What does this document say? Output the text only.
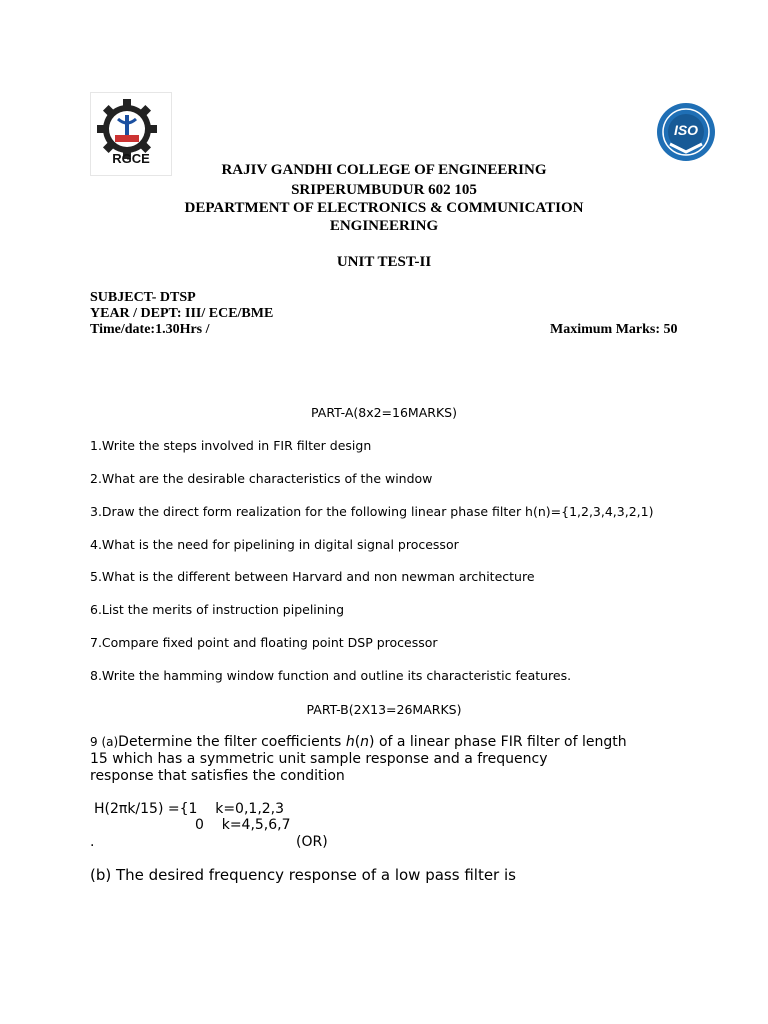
RGCE
ISO
RAJIV GANDHI COLLEGE OF ENGINEERING
SRIPERUMBUDUR 602 105
DEPARTMENT OF ELECTRONICS & COMMUNICATION
ENGINEERING
UNIT TEST-II
SUBJECT- DTSP
YEAR / DEPT: III/ ECE/BME
Time/date:1.30Hrs /	Maximum Marks: 50
PART-A(8x2=16MARKS)
1.Write the steps involved in FIR filter design
2.What are the desirable characteristics of the window
3.Draw the direct form realization for the following linear phase filter h(n)={1,2,3,4,3,2,1)
4.What is the need for pipelining in digital signal processor
5.What is the different between Harvard and non newman architecture
6.List the merits of instruction pipelining
7.Compare fixed point and floating point DSP processor
8.Write the hamming window function and outline its characteristic features.
PART-B(2X13=26MARKS)
9 (a)Determine the filter coefficients h(n) of a linear phase FIR filter of length
15 which has a symmetric unit sample response and a frequency
response that satisfies the condition
H(2πk/15) ={1    k=0,1,2,3
0    k=4,5,6,7
.	(OR)
(b) The desired frequency response of a low pass filter is
